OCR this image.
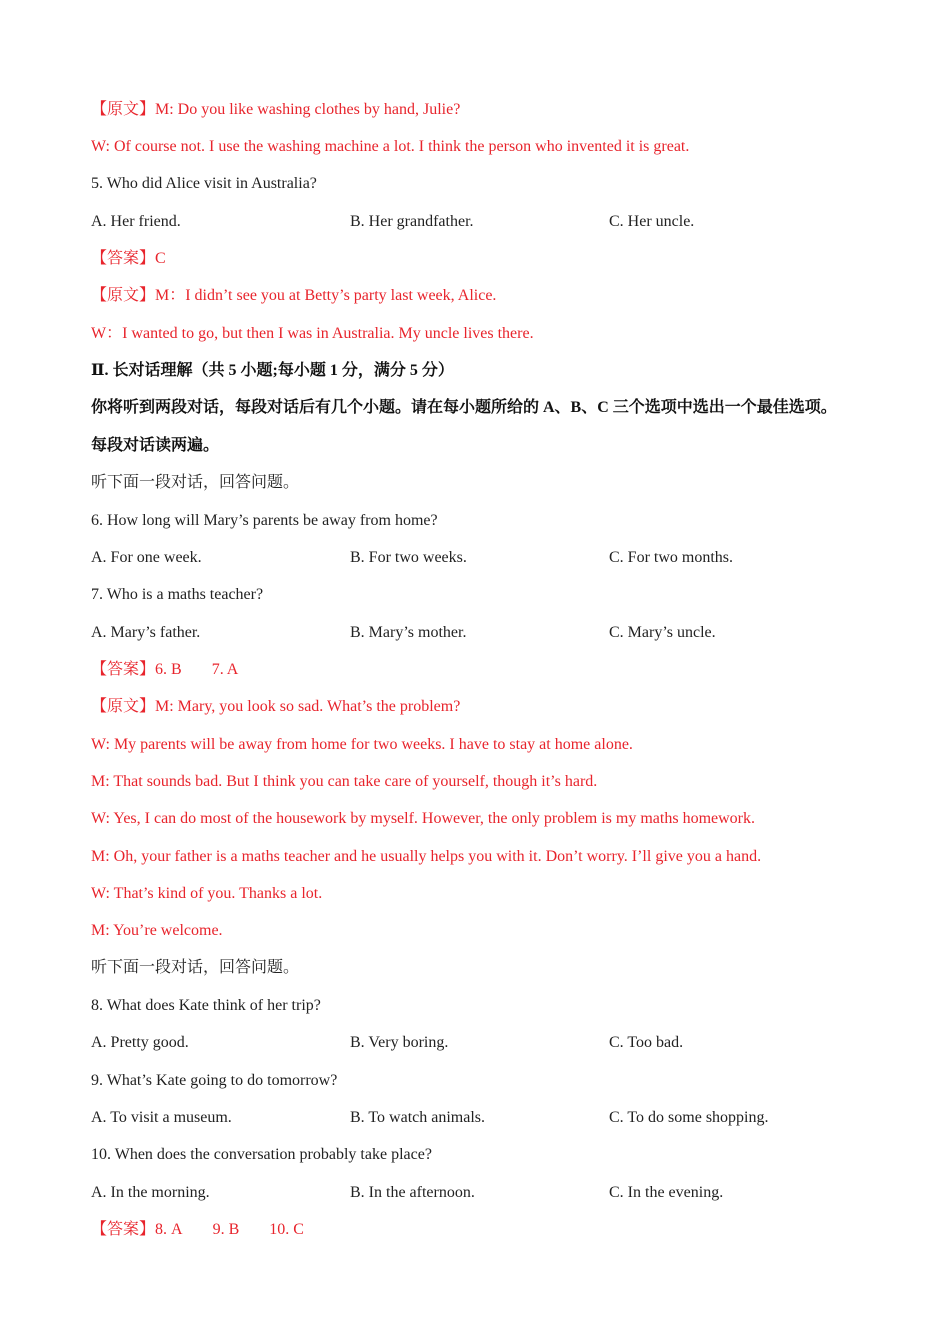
【原文】M: Do you like washing clothes by hand, Julie?
W: Of course not. I use the washing machine a lot. I think the person who invented it is great.
5. Who did Alice visit in Australia?
A. Her friend.	B. Her grandfather.	C. Her uncle.
【答案】C
【原文】M：I didn’t see you at Betty’s party last week, Alice.
W：I wanted to go, but then I was in Australia. My uncle lives there.
Ⅱ. 长对话理解（共 5 小题;每小题 1 分，满分 5 分）
你将听到两段对话，每段对话后有几个小题。请在每小题所给的 A、B、C 三个选项中选出一个最佳选项。
每段对话读两遍。
听下面一段对话，回答问题。
6. How long will Mary’s parents be away from home?
A. For one week.	B. For two weeks.	C. For two months.
7. Who is a maths teacher?
A. Mary’s father.	B. Mary’s mother.	C. Mary’s uncle.
【答案】6. B 7. A
【原文】M: Mary, you look so sad. What’s the problem?
W: My parents will be away from home for two weeks. I have to stay at home alone.
M: That sounds bad. But I think you can take care of yourself, though it’s hard.
W: Yes, I can do most of the housework by myself. However, the only problem is my maths homework.
M: Oh, your father is a maths teacher and he usually helps you with it. Don’t worry. I’ll give you a hand.
W: That’s kind of you. Thanks a lot.
M: You’re welcome.
听下面一段对话，回答问题。
8. What does Kate think of her trip?
A. Pretty good.	B. Very boring.	C. Too bad.
9. What’s Kate going to do tomorrow?
A. To visit a museum.	B. To watch animals.	C. To do some shopping.
10. When does the conversation probably take place?
A. In the morning.	B. In the afternoon.	C. In the evening.
【答案】8. A 9. B 10. C
